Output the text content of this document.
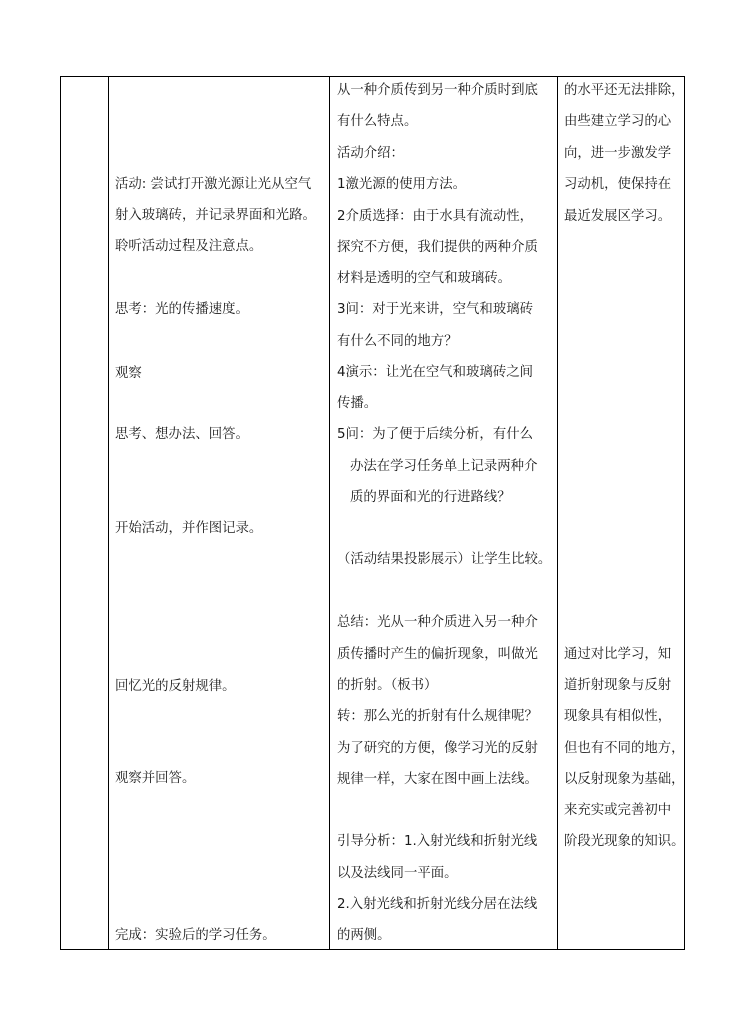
活动: 尝试打开激光源让光从空气

射入玻璃砖，并记录界面和光路。

聆听活动过程及注意点。

思考：光的传播速度。

观察

思考、想办法、回答。

开始活动，并作图记录。

回忆光的反射规律。

观察并回答。

完成：实验后的学习任务。

从一种介质传到另一种介质时到底

有什么特点。

活动介绍：

1激光源的使用方法。

2介质选择：由于水具有流动性，

探究不方便，我们提供的两种介质

材料是透明的空气和玻璃砖。

3问：对于光来讲，空气和玻璃砖

有什么不同的地方？

4演示：让光在空气和玻璃砖之间

传播。

5问：为了便于后续分析，有什么

办法在学习任务单上记录两种介

质的界面和光的行进路线？

（活动结果投影展示）让学生比较。

总结：光从一种介质进入另一种介

质传播时产生的偏折现象，叫做光

的折射。（板书）

转：那么光的折射有什么规律呢？

为了研究的方便，像学习光的反射

规律一样，大家在图中画上法线。

引导分析：1.入射光线和折射光线

以及法线同一平面。

2.入射光线和折射光线分居在法线

的两侧。

的水平还无法排除，

由些建立学习的心

向，进一步激发学

习动机，使保持在

最近发展区学习。

通过对比学习，知

道折射现象与反射

现象具有相似性，

但也有不同的地方，

以反射现象为基础，

来充实或完善初中

阶段光现象的知识。
